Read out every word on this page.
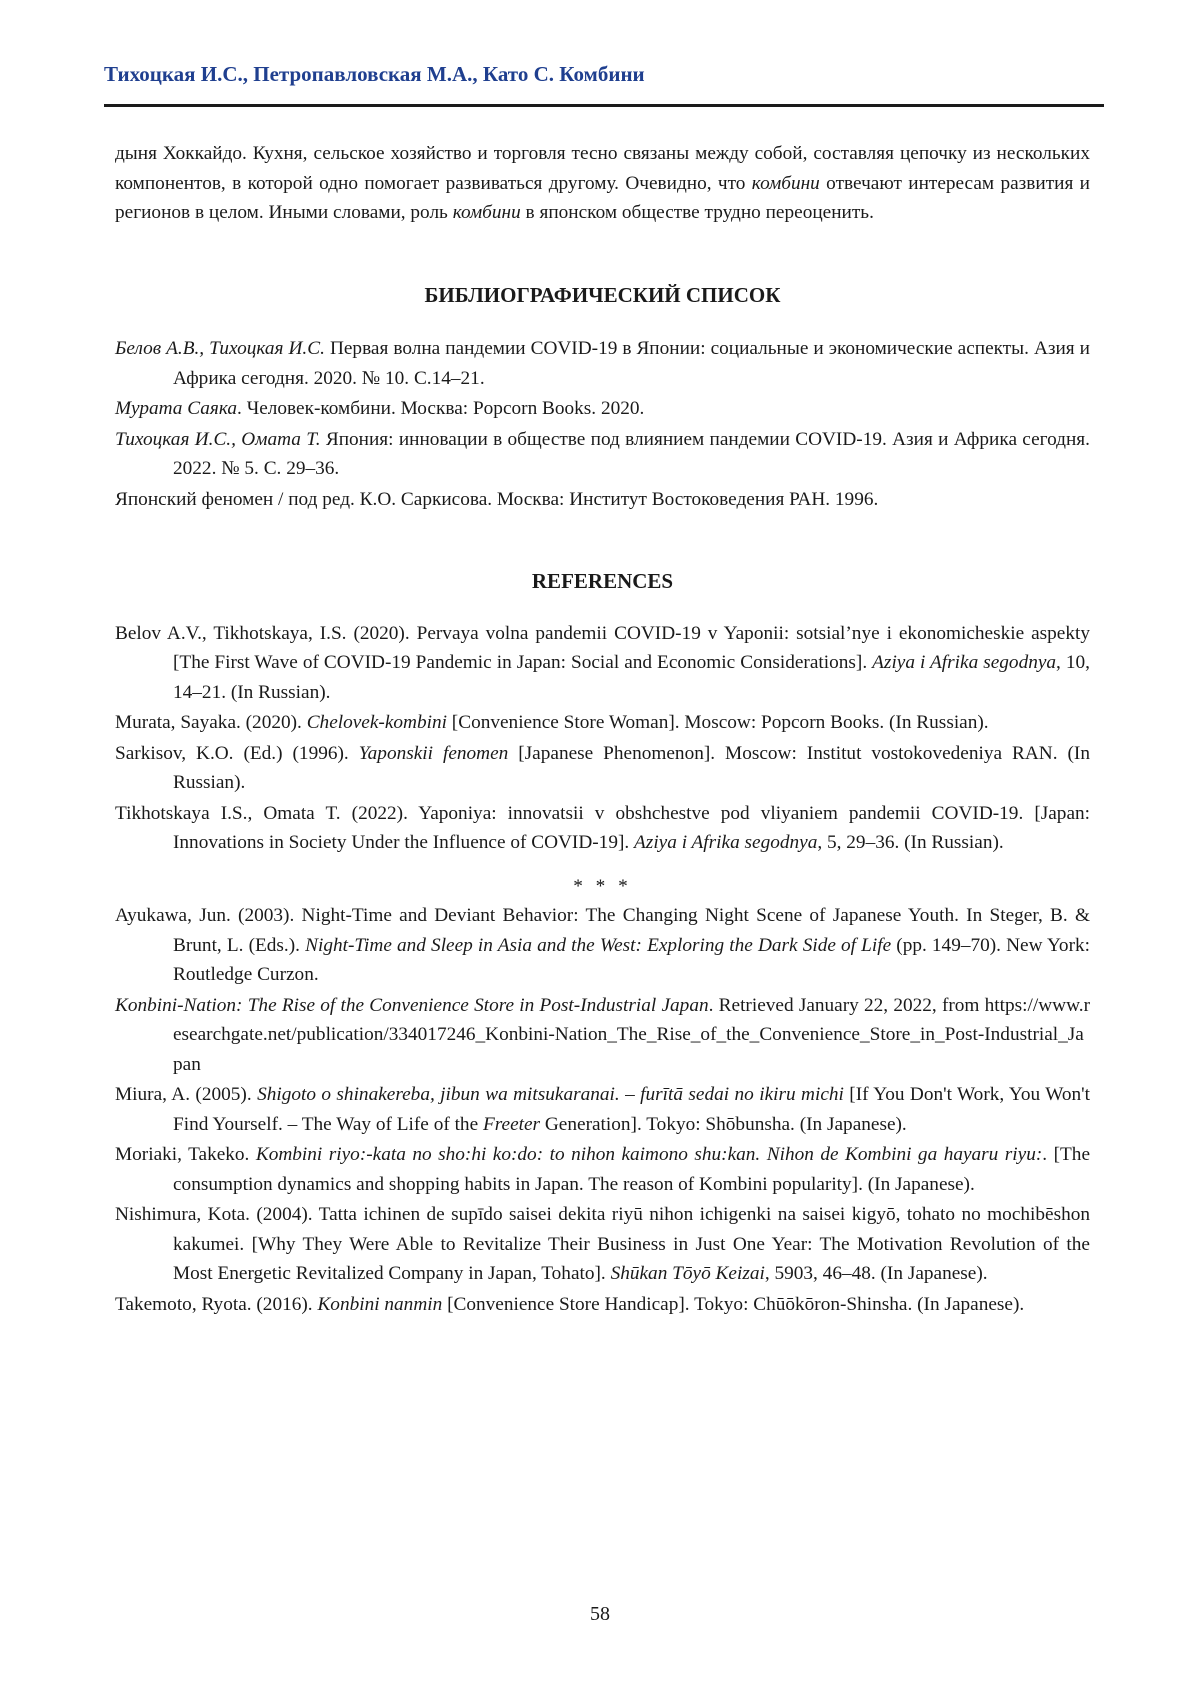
Тихоцкая И.С., Петропавловская М.А., Като С. Комбини

дыня Хоккайдо. Кухня, сельское хозяйство и торговля тесно связаны между собой, составляя цепочку из нескольких компонентов, в которой одно помогает развиваться другому. Очевидно, что комбини отвечают интересам развития и регионов в целом. Иными словами, роль комбини в японском обществе трудно переоценить.

БИБЛИОГРАФИЧЕСКИЙ СПИСОК

Белов А.В., Тихоцкая И.С. Первая волна пандемии COVID-19 в Японии: социальные и экономические аспекты. Азия и Африка сегодня. 2020. № 10. С.14–21.

Мурата Саяка. Человек-комбини. Москва: Popcorn Books. 2020.

Тихоцкая И.С., Омата Т. Япония: инновации в обществе под влиянием пандемии COVID-19. Азия и Африка сегодня. 2022. № 5. С. 29–36.

Японский феномен / под ред. К.О. Саркисова. Москва: Институт Востоковедения РАН. 1996.

REFERENCES

Belov A.V., Tikhotskaya, I.S. (2020). Pervaya volna pandemii COVID-19 v Yaponii: sotsial’nye i ekonomicheskie aspekty [The First Wave of COVID-19 Pandemic in Japan: Social and Economic Considerations]. Aziya i Afrika segodnya, 10, 14–21. (In Russian).

Murata, Sayaka. (2020). Chelovek-kombini [Convenience Store Woman]. Moscow: Popcorn Books. (In Russian).

Sarkisov, K.O. (Ed.) (1996). Yaponskii fenomen [Japanese Phenomenon]. Moscow: Institut vostokovedeniya RAN. (In Russian).

Tikhotskaya I.S., Omata T. (2022). Yaponiya: innovatsii v obshchestve pod vliyaniem pandemii COVID-19. [Japan: Innovations in Society Under the Influence of COVID-19]. Aziya i Afrika segodnya, 5, 29–36. (In Russian).

* * *

Ayukawa, Jun. (2003). Night-Time and Deviant Behavior: The Changing Night Scene of Japanese Youth. In Steger, B. & Brunt, L. (Eds.). Night-Time and Sleep in Asia and the West: Exploring the Dark Side of Life (pp. 149–70). New York: Routledge Curzon.

Konbini-Nation: The Rise of the Convenience Store in Post-Industrial Japan. Retrieved January 22, 2022, from https://www.researchgate.net/publication/334017246_Konbini-Nation_The_Rise_of_the_Convenience_Store_in_Post-Industrial_Japan

Miura, A. (2005). Shigoto o shinakereba, jibun wa mitsukaranai. – furītā sedai no ikiru michi [If You Don't Work, You Won't Find Yourself. – The Way of Life of the Freeter Generation]. Tokyo: Shōbunsha. (In Japanese).

Moriaki, Takeko. Kombini riyo:-kata no sho:hi ko:do: to nihon kaimono shu:kan. Nihon de Kombini ga hayaru riyu:. [The consumption dynamics and shopping habits in Japan. The reason of Kombini popularity]. (In Japanese).

Nishimura, Kota. (2004). Tatta ichinen de supīdo saisei dekita riyū nihon ichigenki na saisei kigyō, tohato no mochibēshon kakumei. [Why They Were Able to Revitalize Their Business in Just One Year: The Motivation Revolution of the Most Energetic Revitalized Company in Japan, Tohato]. Shūkan Tōyō Keizai, 5903, 46–48. (In Japanese).

Takemoto, Ryota. (2016). Konbini nanmin [Convenience Store Handicap]. Tokyo: Chūōkōron-Shinsha. (In Japanese).

58
